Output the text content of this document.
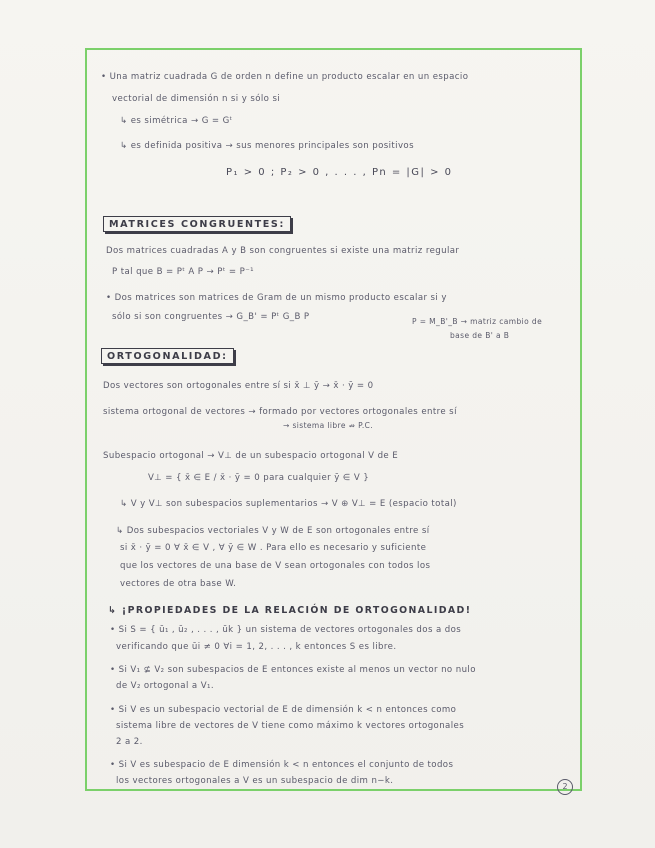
• Una matriz cuadrada G de orden n define un producto escalar en un espacio
vectorial de dimensión n si y sólo si
↳ es simétrica → G = Gᵗ
↳ es definida positiva → sus menores principales son positivos
P₁ > 0 ; P₂ > 0 , . . . , Pn = |G| > 0
MATRICES CONGRUENTES:
Dos matrices cuadradas A y B son congruentes si existe una matriz regular
P tal que B = Pᵗ A P → Pᵗ = P⁻¹
• Dos matrices son matrices de Gram de un mismo producto escalar si y
sólo si son congruentes → G_B' = Pᵗ G_B P	P = M_B'_B → matriz cambio de
base de B' a B
ORTOGONALIDAD:
Dos vectores son ortogonales entre sí si x̄ ⊥ ȳ → x̄ · ȳ = 0
sistema ortogonal de vectores → formado por vectores ortogonales entre sí
→ sistema libre ⇏ P.C.
Subespacio ortogonal → V⊥ de un subespacio ortogonal V de E
V⊥ = { x̄ ∈ E / x̄ · ȳ = 0 para cualquier ȳ ∈ V }
↳ V y V⊥ son subespacios suplementarios → V ⊕ V⊥ = E (espacio total)
↳ Dos subespacios vectoriales V y W de E son ortogonales entre sí
si x̄ · ȳ = 0 ∀ x̄ ∈ V , ∀ ȳ ∈ W . Para ello es necesario y suficiente
que los vectores de una base de V sean ortogonales con todos los
vectores de otra base W.
↳ ¡PROPIEDADES DE LA RELACIÓN DE ORTOGONALIDAD!
• Si S = { ū₁ , ū₂ , . . . , ūk } un sistema de vectores ortogonales dos a dos
verificando que ūi ≠ 0 ∀i = 1, 2, . . . , k entonces S es libre.
• Si V₁ ⊈ V₂ son subespacios de E entonces existe al menos un vector no nulo
de V₂ ortogonal a V₁.
• Si V es un subespacio vectorial de E de dimensión k < n entonces como
sistema libre de vectores de V tiene como máximo k vectores ortogonales
2 a 2.
• Si V es subespacio de E dimensión k < n entonces el conjunto de todos
los vectores ortogonales a V es un subespacio de dim n−k.
2
